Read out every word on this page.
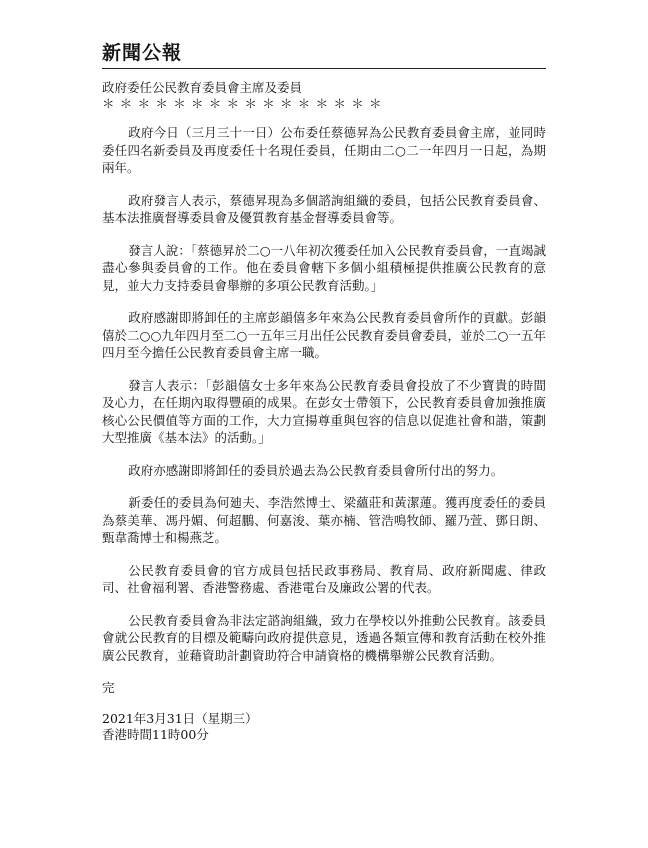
新聞公報
政府委任公民教育委員會主席及委員
＊＊＊＊＊＊＊＊＊＊＊＊＊＊＊＊

政府今日（三月三十一日）公布委任蔡德昇為公民教育委員會主席，並同時委任四名新委員及再度委任十名現任委員，任期由二○二一年四月一日起，為期兩年。

政府發言人表示，蔡德昇現為多個諮詢組織的委員，包括公民教育委員會、基本法推廣督導委員會及優質教育基金督導委員會等。

發言人說：「蔡德昇於二○一八年初次獲委任加入公民教育委員會，一直竭誠盡心參與委員會的工作。他在委員會轄下多個小組積極提供推廣公民教育的意見，並大力支持委員會舉辦的多項公民教育活動。」

政府感謝即將卸任的主席彭韻僖多年來為公民教育委員會所作的貢獻。彭韻僖於二○○九年四月至二○一五年三月出任公民教育委員會委員，並於二○一五年四月至今擔任公民教育委員會主席一職。

發言人表示：「彭韻僖女士多年來為公民教育委員會投放了不少寶貴的時間及心力，在任期內取得豐碩的成果。在彭女士帶領下，公民教育委員會加強推廣核心公民價值等方面的工作，大力宣揚尊重與包容的信息以促進社會和諧，策劃大型推廣《基本法》的活動。」

政府亦感謝即將卸任的委員於過去為公民教育委員會所付出的努力。

新委任的委員為何廸夫、李浩然博士、梁蘊莊和黃潔蓮。獲再度委任的委員為蔡美華、馮丹媚、何超鵬、何嘉浚、葉亦楠、管浩鳴牧師、羅乃萱、鄧日朗、甄韋喬博士和楊燕芝。

公民教育委員會的官方成員包括民政事務局、教育局、政府新聞處、律政司、社會福利署、香港警務處、香港電台及廉政公署的代表。

公民教育委員會為非法定諮詢組織，致力在學校以外推動公民教育。該委員會就公民教育的目標及範疇向政府提供意見，透過各類宣傳和教育活動在校外推廣公民教育，並藉資助計劃資助符合申請資格的機構舉辦公民教育活動。

完
2021年3月31日（星期三）
香港時間11時00分
